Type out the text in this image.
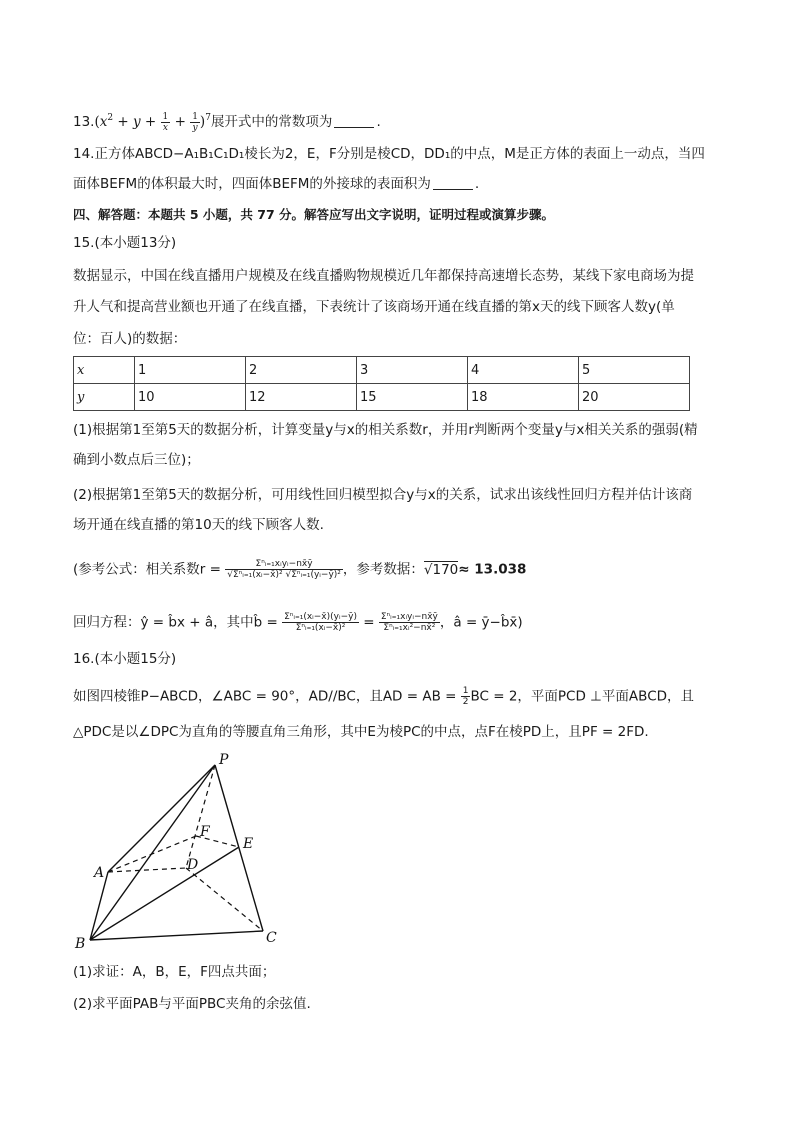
$13.(x^2 + y + \frac{1}{x} + \frac{1}{y} )^7$展开式中的常数项为	.
14.正方体ABCD−A₁B₁C₁D₁棱长为2，E，F分别是棱CD，DD₁的中点，M是正方体的表面上一动点，当四
面体BEFM的体积最大时，四面体BEFM的外接球的表面积为	.
四、解答题：本题共 5 小题，共 77 分。解答应写出文字说明，证明过程或演算步骤。
15.(本小题13分)
数据显示，中国在线直播用户规模及在线直播购物规模近几年都保持高速增长态势，某线下家电商场为提
升人气和提高营业额也开通了在线直播，下表统计了该商场开通在线直播的第x天的线下顾客人数y(单
位：百人)的数据：
x	1	2	3	4	5
y	10	12	15	18	20
(1)根据第1至第5天的数据分析，计算变量y与x的相关系数r，并用r判断两个变量y与x相关关系的强弱(精
确到小数点后三位)；
(2)根据第1至第5天的数据分析，可用线性回归模型拟合y与x的关系，试求出该线性回归方程并估计该商
场开通在线直播的第10天的线下顾客人数.
(参考公式：相关系数$r = \frac{\text{Σⁿᵢ₌₁xᵢyᵢ−nx̄ȳ}}{\text{√Σⁿᵢ₌₁(xᵢ−x̄)² √Σⁿᵢ₌₁(yᵢ−ȳ)²}}$ ，参考数据：√170≈ 13.038
回归方程：ŷ = b̂x + â，其中b̂ = $\frac{\text{Σⁿᵢ₌₁(xᵢ−x̄)(yᵢ−ȳ)}}{\text{Σⁿᵢ₌₁(xᵢ−x̄)²}} = \frac{\text{Σⁿᵢ₌₁xᵢyᵢ−nx̄ȳ}}{\text{Σⁿᵢ₌₁xᵢ²−nx̄²}}$ ，â = ȳ−b̂x̄)
16.(本小题15分)
如图四棱锥P−ABCD，∠ABC = 90°，AD//BC，且AD = AB = $\frac{1}{2}$ BC = 2，平面PCD ⊥平面ABCD，且
△PDC是以∠DPC为直角的等腰直角三角形，其中E为棱PC的中点，点F在棱PD上，且PF = 2FD.
P
F
E
A	D
B	C
(1)求证：A，B，E，F四点共面；
(2)求平面PAB与平面PBC夹角的余弦值.
